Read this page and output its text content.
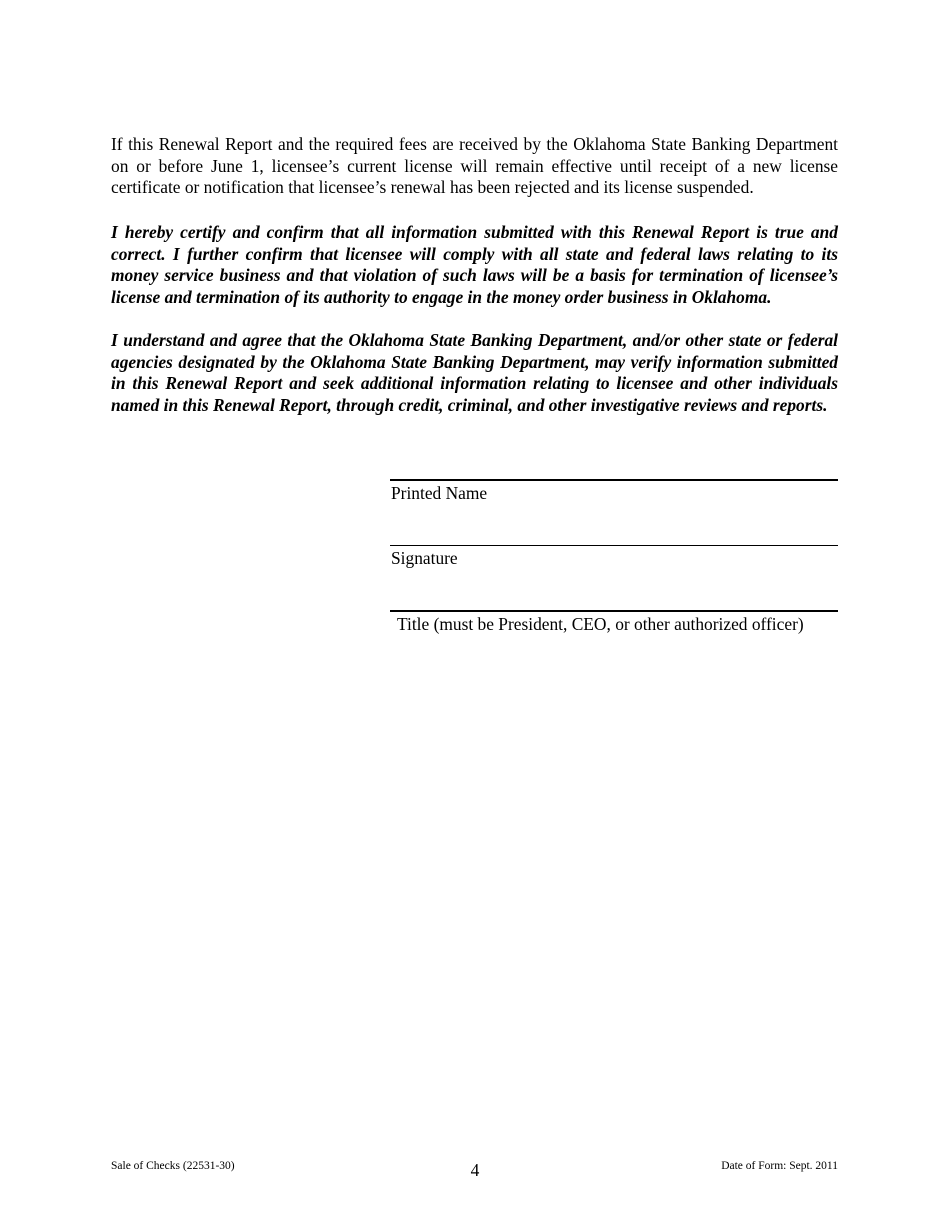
If this Renewal Report and the required fees are received by the Oklahoma State Banking Department on or before June 1, licensee’s current license will remain effective until receipt of a new license certificate or notification that licensee’s renewal has been rejected and its license suspended.

I hereby certify and confirm that all information submitted with this Renewal Report is true and correct. I further confirm that licensee will comply with all state and federal laws relating to its money service business and that violation of such laws will be a basis for termination of licensee’s license and termination of its authority to engage in the money order business in Oklahoma.

I understand and agree that the Oklahoma State Banking Department, and/or other state or federal agencies designated by the Oklahoma State Banking Department, may verify information submitted in this Renewal Report and seek additional information relating to licensee and other individuals named in this Renewal Report, through credit, criminal, and other investigative reviews and reports.

Printed Name
Signature
Title (must be President, CEO, or other authorized officer)
Sale of Checks (22531-30)	4	Date of Form: Sept. 2011
